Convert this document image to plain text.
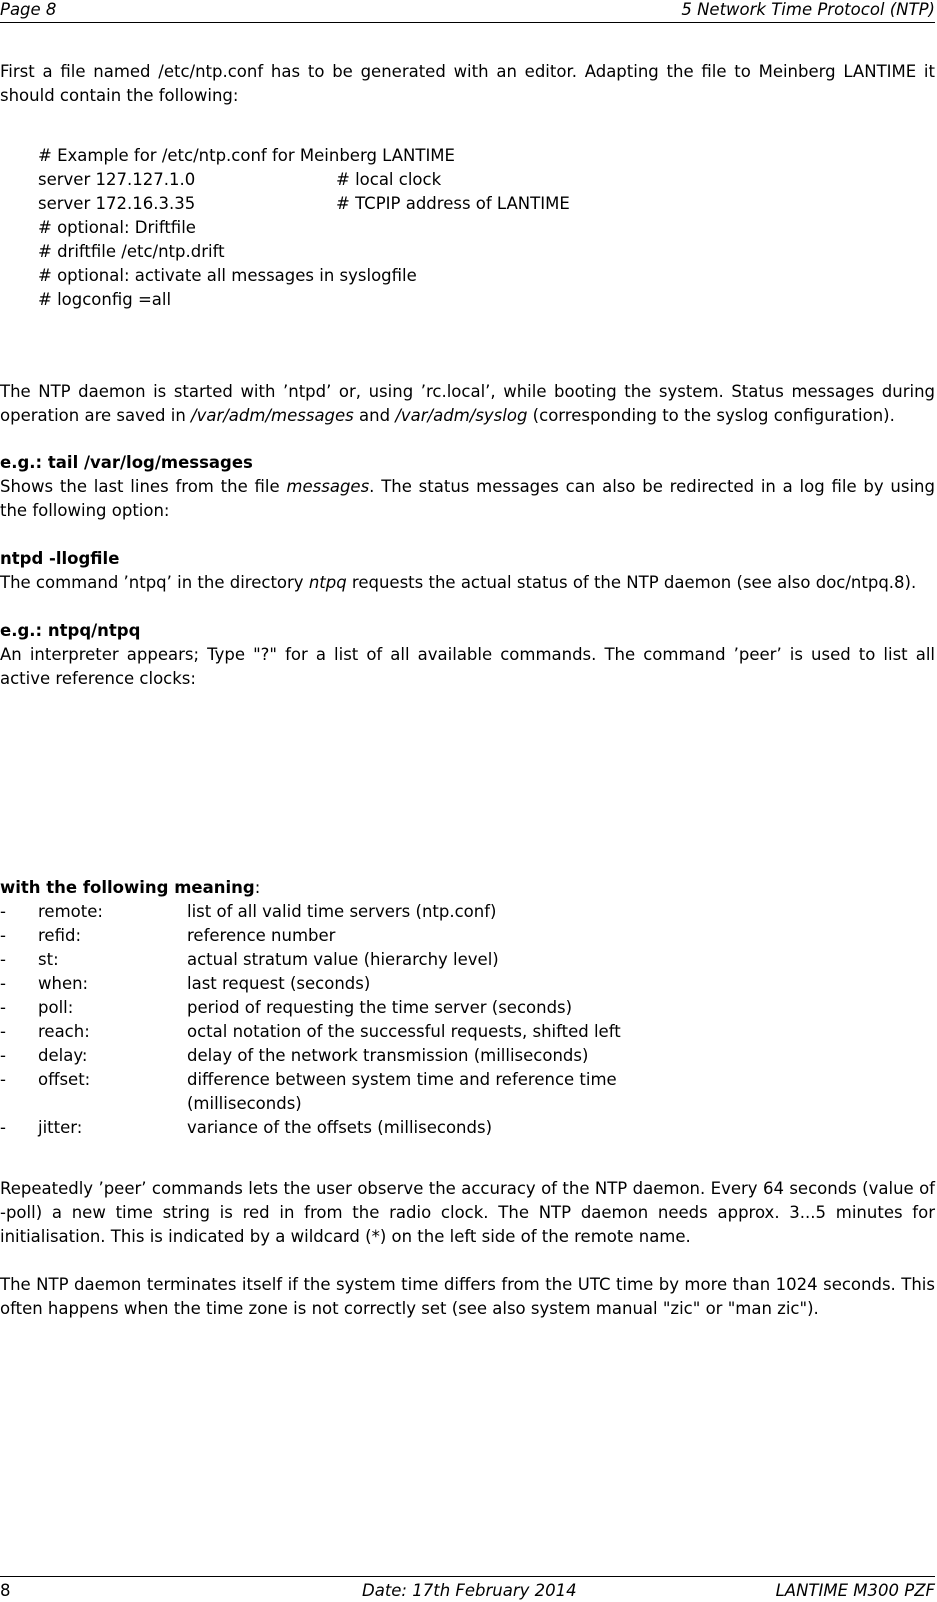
Page 8	5 Network Time Protocol (NTP)
First a file named /etc/ntp.conf has to be generated with an editor. Adapting the file to Meinberg LANTIME it should contain the following:
# Example for /etc/ntp.conf for Meinberg LANTIME
server 127.127.1.0	# local clock
server 172.16.3.35	# TCPIP address of LANTIME
# optional: Driftfile
# driftfile /etc/ntp.drift
# optional: activate all messages in syslogfile
# logconfig =all
The NTP daemon is started with ’ntpd’ or, using ’rc.local’, while booting the system. Status messages during operation are saved in /var/adm/messages and /var/adm/syslog (corresponding to the syslog configuration).
e.g.: tail /var/log/messages
Shows the last lines from the file messages. The status messages can also be redirected in a log file by using the following option:
ntpd -llogfile
The command ’ntpq’ in the directory ntpq requests the actual status of the NTP daemon (see also doc/ntpq.8).
e.g.: ntpq/ntpq
An interpreter appears; Type "?" for a list of all available commands. The command ’peer’ is used to list all active reference clocks:
with the following meaning:
- remote:	list of all valid time servers (ntp.conf)
- refid:	reference number
- st:	actual stratum value (hierarchy level)
- when:	last request (seconds)
- poll:	period of requesting the time server (seconds)
- reach:	octal notation of the successful requests, shifted left
- delay:	delay of the network transmission (milliseconds)
- offset:	difference between system time and reference time
(milliseconds)
- jitter:	variance of the offsets (milliseconds)
Repeatedly ’peer’ commands lets the user observe the accuracy of the NTP daemon. Every 64 seconds (value of -poll) a new time string is red in from the radio clock. The NTP daemon needs approx. 3...5 minutes for initialisation. This is indicated by a wildcard (*) on the left side of the remote name.
The NTP daemon terminates itself if the system time differs from the UTC time by more than 1024 seconds. This often happens when the time zone is not correctly set (see also system manual "zic" or "man zic").
8	Date: 17th February 2014	LANTIME M300 PZF
